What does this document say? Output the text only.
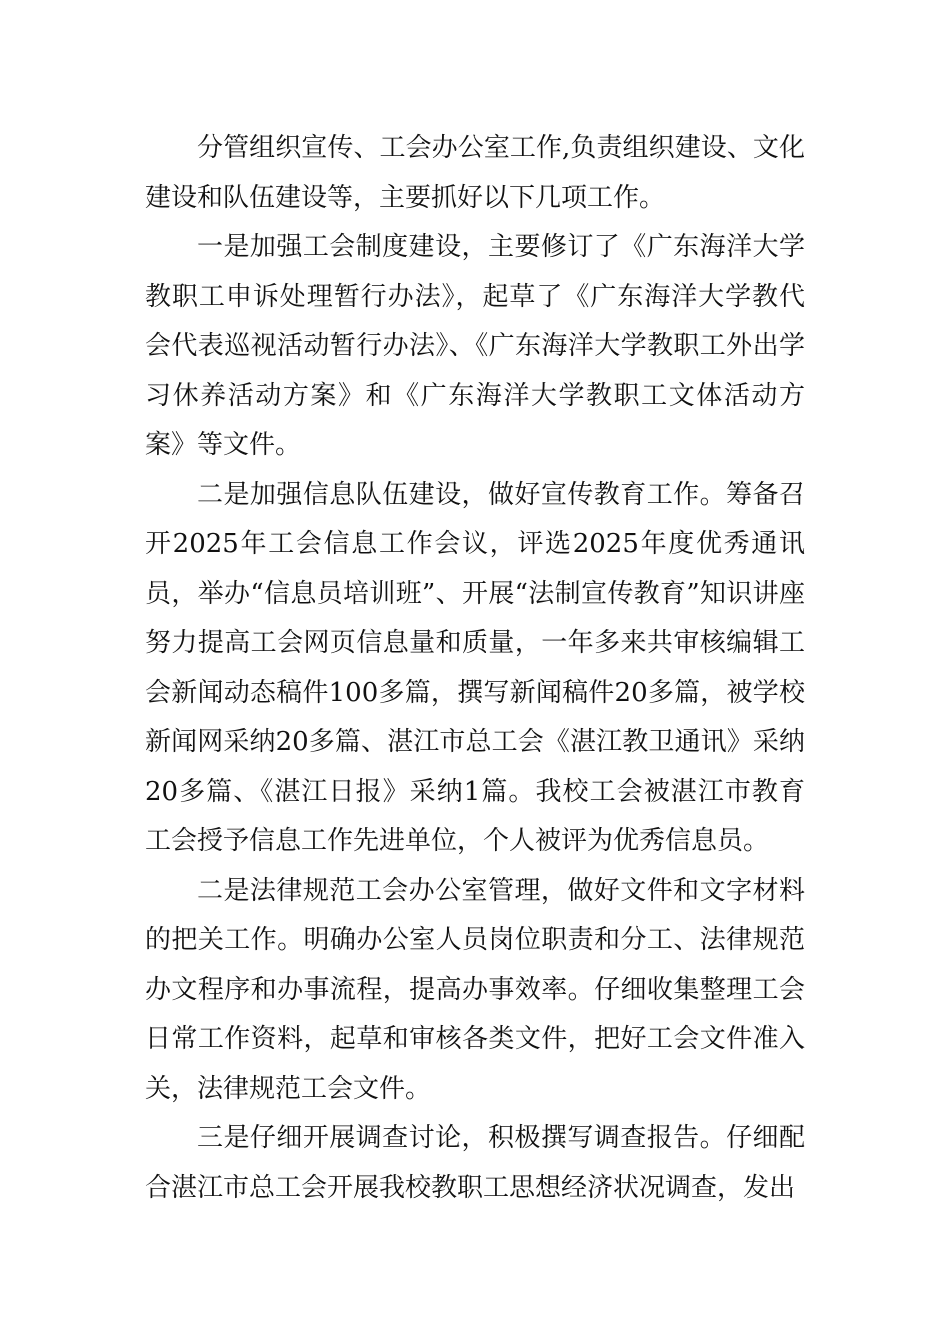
分管组织宣传、工会办公室工作,负责组织建设、文化建设和队伍建设等，主要抓好以下几项工作。

一是加强工会制度建设，主要修订了《广东海洋大学教职工申诉处理暂行办法》，起草了《广东海洋大学教代会代表巡视活动暂行办法》、《广东海洋大学教职工外出学习休养活动方案》和《广东海洋大学教职工文体活动方案》等文件。

二是加强信息队伍建设，做好宣传教育工作。筹备召开2025年工会信息工作会议，评选2025年度优秀通讯员，举办“信息员培训班”、开展“法制宣传教育”知识讲座努力提高工会网页信息量和质量，一年多来共审核编辑工会新闻动态稿件100多篇，撰写新闻稿件20多篇，被学校新闻网采纳20多篇、湛江市总工会《湛江教卫通讯》采纳20多篇、《湛江日报》采纳1篇。我校工会被湛江市教育工会授予信息工作先进单位，个人被评为优秀信息员。

二是法律规范工会办公室管理，做好文件和文字材料的把关工作。明确办公室人员岗位职责和分工、法律规范办文程序和办事流程，提高办事效率。仔细收集整理工会日常工作资料，起草和审核各类文件，把好工会文件准入关，法律规范工会文件。

三是仔细开展调查讨论，积极撰写调查报告。仔细配合湛江市总工会开展我校教职工思想经济状况调查，发出
